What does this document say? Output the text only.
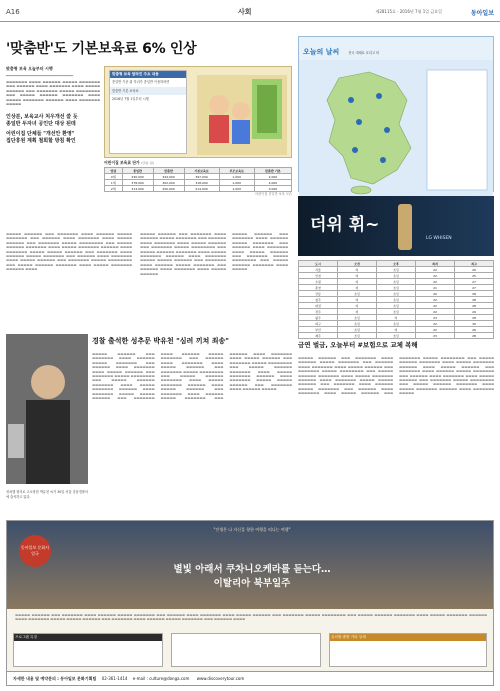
A16	사회	제28115호 · 2016년 7월 1일 금요일	동아일보
'맞춤반'도 기본보육료 6% 인상
맞춤형 보육 오늘부터 시행

━━━━━━━━━━━━━━━━━━━━━━━━━━━━━━━━━━━

▬▬▬▬▬▬▬ ▬▬▬▬ ▬▬▬▬▬▬ ▬▬▬▬▬ ▬▬▬▬▬▬▬ ▬▬▬ ▬▬▬▬▬▬ ▬▬▬▬ ▬▬▬▬▬▬▬ ▬▬▬▬ ▬▬▬▬▬ ▬▬▬▬▬▬ ▬▬▬ ▬▬▬▬▬▬▬ ▬▬▬▬▬ ▬▬▬▬▬▬▬▬ ▬▬▬ ▬▬▬▬▬ ▬▬▬▬▬▬ ▬▬▬▬▬▬▬ ▬▬▬▬ ▬▬▬▬▬ ▬▬▬▬▬▬▬ ▬▬▬▬▬▬ ▬▬▬▬ ▬▬▬▬▬▬▬ ▬▬▬▬▬

인상분, 보육교사 처우개선 쓸 듯
종일반 두자녀 공인단 대상 된데
어린이집 단체들 "개선안 환영"
집단휴원 계획 철회할 방침 확인
▬▬▬▬▬ ▬▬▬▬▬▬ ▬▬▬ ▬▬▬▬▬▬▬ ▬▬▬▬ ▬▬▬▬▬▬ ▬▬▬▬▬ ▬▬▬▬▬▬▬ ▬▬▬ ▬▬▬▬▬▬ ▬▬▬▬ ▬▬▬▬▬▬▬ ▬▬▬▬ ▬▬▬▬▬ ▬▬▬▬▬▬ ▬▬▬ ▬▬▬▬▬▬▬ ▬▬▬▬▬ ▬▬▬▬▬▬▬▬ ▬▬▬ ▬▬▬▬▬ ▬▬▬▬▬▬ ▬▬▬▬▬▬▬ ▬▬▬▬ ▬▬▬▬▬ ▬▬▬▬▬▬▬ ▬▬▬▬▬▬ ▬▬▬▬ ▬▬▬▬▬▬▬ ▬▬▬▬▬ ▬▬▬▬▬ ▬▬▬▬▬▬ ▬▬▬ ▬▬▬▬▬▬▬ ▬▬▬▬ ▬▬▬▬▬▬ ▬▬▬▬▬ ▬▬▬▬▬▬▬ ▬▬▬ ▬▬▬▬▬▬ ▬▬▬▬ ▬▬▬▬▬▬▬ ▬▬▬▬ ▬▬▬▬▬ ▬▬▬▬▬▬ ▬▬▬ ▬▬▬▬▬▬▬ ▬▬▬▬▬ ▬▬▬▬▬▬▬▬ ▬▬▬ ▬▬▬▬▬ ▬▬▬▬▬▬ ▬▬▬▬▬▬▬ ▬▬▬▬ ▬▬▬▬▬ ▬▬▬▬▬▬▬ ▬▬▬▬▬▬ ▬▬▬▬
▬▬▬▬▬ ▬▬▬▬▬▬ ▬▬▬ ▬▬▬▬▬▬▬ ▬▬▬▬ ▬▬▬▬▬▬ ▬▬▬▬▬ ▬▬▬▬▬▬▬ ▬▬▬ ▬▬▬▬▬▬ ▬▬▬▬ ▬▬▬▬▬▬▬ ▬▬▬▬ ▬▬▬▬▬ ▬▬▬▬▬▬ ▬▬▬ ▬▬▬▬▬▬▬ ▬▬▬▬▬ ▬▬▬▬▬▬▬▬ ▬▬▬ ▬▬▬▬▬ ▬▬▬▬▬▬ ▬▬▬▬▬▬▬ ▬▬▬▬ ▬▬▬▬▬ ▬▬▬▬▬▬▬ ▬▬▬▬▬▬ ▬▬▬▬ ▬▬▬▬▬▬▬ ▬▬▬▬▬ ▬▬▬▬▬ ▬▬▬▬▬▬ ▬▬▬ ▬▬▬▬▬▬▬ ▬▬▬▬ ▬▬▬▬▬▬ ▬▬▬▬▬ ▬▬▬▬▬▬▬ ▬▬▬ ▬▬▬▬▬▬ ▬▬▬▬ ▬▬▬▬▬▬▬ ▬▬▬▬ ▬▬▬▬▬ ▬▬▬▬▬▬
▬▬▬▬▬ ▬▬▬▬▬▬ ▬▬▬ ▬▬▬▬▬▬▬ ▬▬▬▬ ▬▬▬▬▬▬ ▬▬▬▬▬ ▬▬▬▬▬▬▬ ▬▬▬ ▬▬▬▬▬▬ ▬▬▬▬ ▬▬▬▬▬▬▬ ▬▬▬▬ ▬▬▬▬▬ ▬▬▬▬▬▬ ▬▬▬ ▬▬▬▬▬▬▬ ▬▬▬▬▬ ▬▬▬▬▬▬▬▬ ▬▬▬ ▬▬▬▬▬ ▬▬▬▬▬▬ ▬▬▬▬▬▬▬ ▬▬▬▬ ▬▬▬▬▬
맞춤형 보육 달라진 주요 내용
종일반 기준 위 자녀가 종일반 이용하려면
맞춤반 기본 보육료
2016년 7월 1일부터 시행
어린이집 보육료 단가 (단위: 원)
연령	종일반	맞춤반	기본보육료	부모보육료	맞춤반 기본
0세	430,000	344,000	397,000	1,000	2,000
1세	378,000	302,000	318,000	1,000	4,000
2세	313,000	250,000	214,000	1,000	3,000
어린이집 종일반 보육 모습
오늘의 날씨	전국 대체로 흐리고 비
더위 휘~
LG WHISEN
도시	오전	오후	최저	최고
서울	비	흐림	22	26
인천	비	흐림	22	25
수원	비	흐림	22	27
춘천	비	흐림	21	27
강릉	흐림	흐림	20	28
청주	비	흐림	22	28
대전	비	흐림	22	28
전주	비	흐림	22	29
광주	흐림	비	23	28
대구	흐림	흐림	22	30
부산	흐림	비	22	26
제주	흐림	흐림	23	28
성폭행 혐의로 고소당한 박유천 씨가 30일 서울 강남경찰서에 출석하고 있다.
경찰 출석한 성추문 박유천 "심려 끼쳐 죄송"
▬▬▬▬▬ ▬▬▬▬▬▬ ▬▬▬ ▬▬▬▬▬▬▬ ▬▬▬▬ ▬▬▬▬▬▬ ▬▬▬▬▬ ▬▬▬▬▬▬▬ ▬▬▬ ▬▬▬▬▬▬ ▬▬▬▬ ▬▬▬▬▬▬▬ ▬▬▬▬ ▬▬▬▬▬ ▬▬▬▬▬▬ ▬▬▬ ▬▬▬▬▬▬▬ ▬▬▬▬▬ ▬▬▬▬▬▬▬▬ ▬▬▬ ▬▬▬▬▬ ▬▬▬▬▬▬ ▬▬▬▬▬▬▬ ▬▬▬▬ ▬▬▬▬▬ ▬▬▬▬▬▬▬ ▬▬▬▬▬▬ ▬▬▬▬ ▬▬▬▬▬▬▬ ▬▬▬▬▬ ▬▬▬▬▬ ▬▬▬▬▬▬ ▬▬▬ ▬▬▬▬▬▬▬ ▬▬▬▬ ▬▬▬▬▬▬ ▬▬▬▬▬ ▬▬▬▬▬▬▬ ▬▬▬ ▬▬▬▬▬▬ ▬▬▬▬ ▬▬▬▬▬▬▬ ▬▬▬▬ ▬▬▬▬▬ ▬▬▬▬▬▬ ▬▬▬ ▬▬▬▬▬▬▬ ▬▬▬▬▬ ▬▬▬▬▬▬▬▬ ▬▬▬ ▬▬▬▬▬ ▬▬▬▬▬▬ ▬▬▬▬▬▬▬ ▬▬▬▬ ▬▬▬▬▬ ▬▬▬▬▬▬▬ ▬▬▬▬▬▬ ▬▬▬▬ ▬▬▬▬▬ ▬▬▬▬▬▬ ▬▬▬ ▬▬▬▬▬▬▬ ▬▬▬▬ ▬▬▬▬▬▬ ▬▬▬▬▬ ▬▬▬▬▬▬▬ ▬▬▬ ▬▬▬▬▬▬ ▬▬▬▬ ▬▬▬▬▬▬▬ ▬▬▬▬ ▬▬▬▬▬ ▬▬▬▬▬▬ ▬▬▬ ▬▬▬▬▬▬▬ ▬▬▬▬▬ ▬▬▬▬▬▬▬▬ ▬▬▬ ▬▬▬▬▬ ▬▬▬▬▬▬ ▬▬▬▬▬▬▬ ▬▬▬▬ ▬▬▬▬▬ ▬▬▬▬▬▬▬ ▬▬▬▬▬▬ ▬▬▬▬ ▬▬▬▬▬▬▬ ▬▬▬▬▬ ▬▬▬▬▬ ▬▬▬▬▬▬ ▬▬▬ ▬▬▬▬▬▬▬ ▬▬▬▬ ▬▬▬▬▬▬ ▬▬▬▬▬
금연 벌금, 오늘부터 #보험으로 교체 복해
▬▬▬▬▬ ▬▬▬▬▬▬ ▬▬▬ ▬▬▬▬▬▬▬ ▬▬▬▬ ▬▬▬▬▬▬ ▬▬▬▬▬ ▬▬▬▬▬▬▬ ▬▬▬ ▬▬▬▬▬▬ ▬▬▬▬ ▬▬▬▬▬▬▬ ▬▬▬▬ ▬▬▬▬▬ ▬▬▬▬▬▬ ▬▬▬ ▬▬▬▬▬▬▬ ▬▬▬▬▬ ▬▬▬▬▬▬▬▬ ▬▬▬ ▬▬▬▬▬ ▬▬▬▬▬▬ ▬▬▬▬▬▬▬ ▬▬▬▬ ▬▬▬▬▬ ▬▬▬▬▬▬▬ ▬▬▬▬▬▬ ▬▬▬▬ ▬▬▬▬▬▬▬ ▬▬▬▬▬ ▬▬▬▬▬ ▬▬▬▬▬▬ ▬▬▬ ▬▬▬▬▬▬▬ ▬▬▬▬ ▬▬▬▬▬▬ ▬▬▬▬▬ ▬▬▬▬▬▬▬ ▬▬▬ ▬▬▬▬▬▬ ▬▬▬▬ ▬▬▬▬▬▬▬ ▬▬▬▬ ▬▬▬▬▬ ▬▬▬▬▬▬ ▬▬▬ ▬▬▬▬▬▬▬ ▬▬▬▬▬ ▬▬▬▬▬▬▬▬ ▬▬▬ ▬▬▬▬▬ ▬▬▬▬▬▬ ▬▬▬▬▬▬▬ ▬▬▬▬ ▬▬▬▬▬ ▬▬▬▬▬▬▬ ▬▬▬▬▬▬ ▬▬▬▬ ▬▬▬▬▬ ▬▬▬▬▬▬ ▬▬▬ ▬▬▬▬▬▬▬ ▬▬▬▬ ▬▬▬▬▬▬ ▬▬▬▬▬ ▬▬▬▬▬▬▬ ▬▬▬ ▬▬▬▬▬▬ ▬▬▬▬ ▬▬▬▬▬▬▬ ▬▬▬▬ ▬▬▬▬▬ ▬▬▬▬▬▬ ▬▬▬ ▬▬▬▬▬▬▬ ▬▬▬▬▬ ▬▬▬▬▬▬▬▬ ▬▬▬ ▬▬▬▬▬ ▬▬▬▬▬▬ ▬▬▬▬▬▬▬ ▬▬▬▬ ▬▬▬▬▬ ▬▬▬▬▬▬▬ ▬▬▬▬▬▬ ▬▬▬▬ ▬▬▬▬▬▬▬ ▬▬▬▬▬
동아일보 문화사업국
"인생은 나 자신을 향한 여행을 떠나는 여행"
별빛 아래서 쿠차니오케라를 듣는다…
이탈리아 북부일주
▬▬▬▬▬ ▬▬▬▬▬▬ ▬▬▬ ▬▬▬▬▬▬▬ ▬▬▬▬ ▬▬▬▬▬▬ ▬▬▬▬▬ ▬▬▬▬▬▬▬ ▬▬▬ ▬▬▬▬▬▬ ▬▬▬▬ ▬▬▬▬▬▬▬ ▬▬▬▬ ▬▬▬▬▬ ▬▬▬▬▬▬ ▬▬▬ ▬▬▬▬▬▬▬ ▬▬▬▬▬ ▬▬▬▬▬▬▬▬ ▬▬▬ ▬▬▬▬▬ ▬▬▬▬▬▬ ▬▬▬▬▬▬▬ ▬▬▬▬ ▬▬▬▬▬ ▬▬▬▬▬▬▬ ▬▬▬▬▬▬ ▬▬▬▬ ▬▬▬▬▬▬▬ ▬▬▬▬▬ ▬▬▬▬▬ ▬▬▬▬▬▬ ▬▬▬ ▬▬▬▬▬▬▬ ▬▬▬▬ ▬▬▬▬▬▬ ▬▬▬▬▬ ▬▬▬▬▬▬▬ ▬▬▬ ▬▬▬▬▬▬ ▬▬▬▬
프로그램 특징	유의할 출발 기타 상세
자세한 내용 및 예약문의 : 동아일보 문화기획팀 02-361-1414 e-mail : culture@donga.com www.discoverytour.com
